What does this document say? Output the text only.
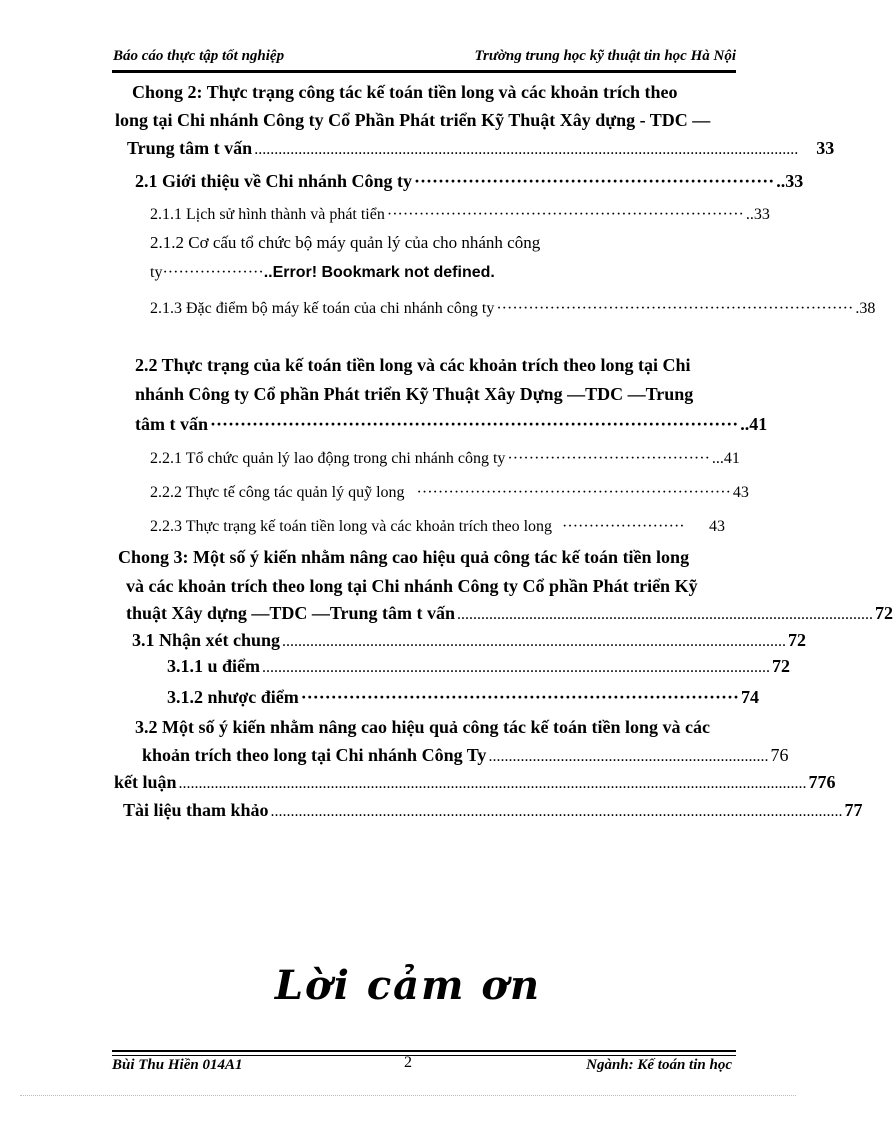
Báo cáo thực tập tốt nghiệp	Trường trung học kỹ thuật tin học Hà Nội
Chong 2: Thực trạng công tác kế toán tiền long và các khoản trích theo
long tại Chi nhánh Công ty Cổ Phần Phát triển Kỹ Thuật Xây dựng - TDC —
Trung tâm t vấn ........................................................................................................................................ 33
2.1 Giới thiệu về Chi nhánh Công ty ···························································· ..33
2.1.1 Lịch sử hình thành và phát tiển ··································································· ..33
2.1.2 Cơ cấu tổ chức bộ máy quản lý của cho nhánh công
ty ··················· ..Error! Bookmark not defined.
2.1.3 Đặc điểm bộ máy kế toán của chi nhánh công ty ··································································· .38
2.2 Thực trạng của kế toán tiền long và các khoản trích theo long tại Chi
nhánh Công ty Cổ phần Phát triển Kỹ Thuật Xây Dựng —TDC —Trung
tâm t vấn ························································································ ..41
2.2.1 Tổ chức quản lý lao động trong chi nhánh công ty ······································ ...41
2.2.2 Thực tế công tác quản lý quỹ long ··························································· 43
2.2.3 Thực trạng kế toán tiền long và các khoản trích theo long ·······················	43
Chong 3: Một số ý kiến nhằm nâng cao hiệu quả công tác kế toán tiền long
và các khoản trích theo long tại Chi nhánh Công ty Cổ phần Phát triển Kỹ
thuật Xây dựng —TDC —Trung tâm t vấn ........................................................................................................ 72
3.1 Nhận xét chung .............................................................................................................................. 72
3.1.1 u điểm ............................................................................................................................... 72
3.1.2 nhược điểm ········································································· 74
3.2 Một số ý kiến nhằm nâng cao hiệu quả công tác kế toán tiền long và các
khoản trích theo long tại Chi nhánh Công Ty ...................................................................... 76
kết luận ............................................................................................................................................................. 776
Tài liệu tham khảo ............................................................................................................................................... 77
Lời cảm ơn
Bùi Thu Hiền 014A1	2	Ngành: Kế toán tin học
